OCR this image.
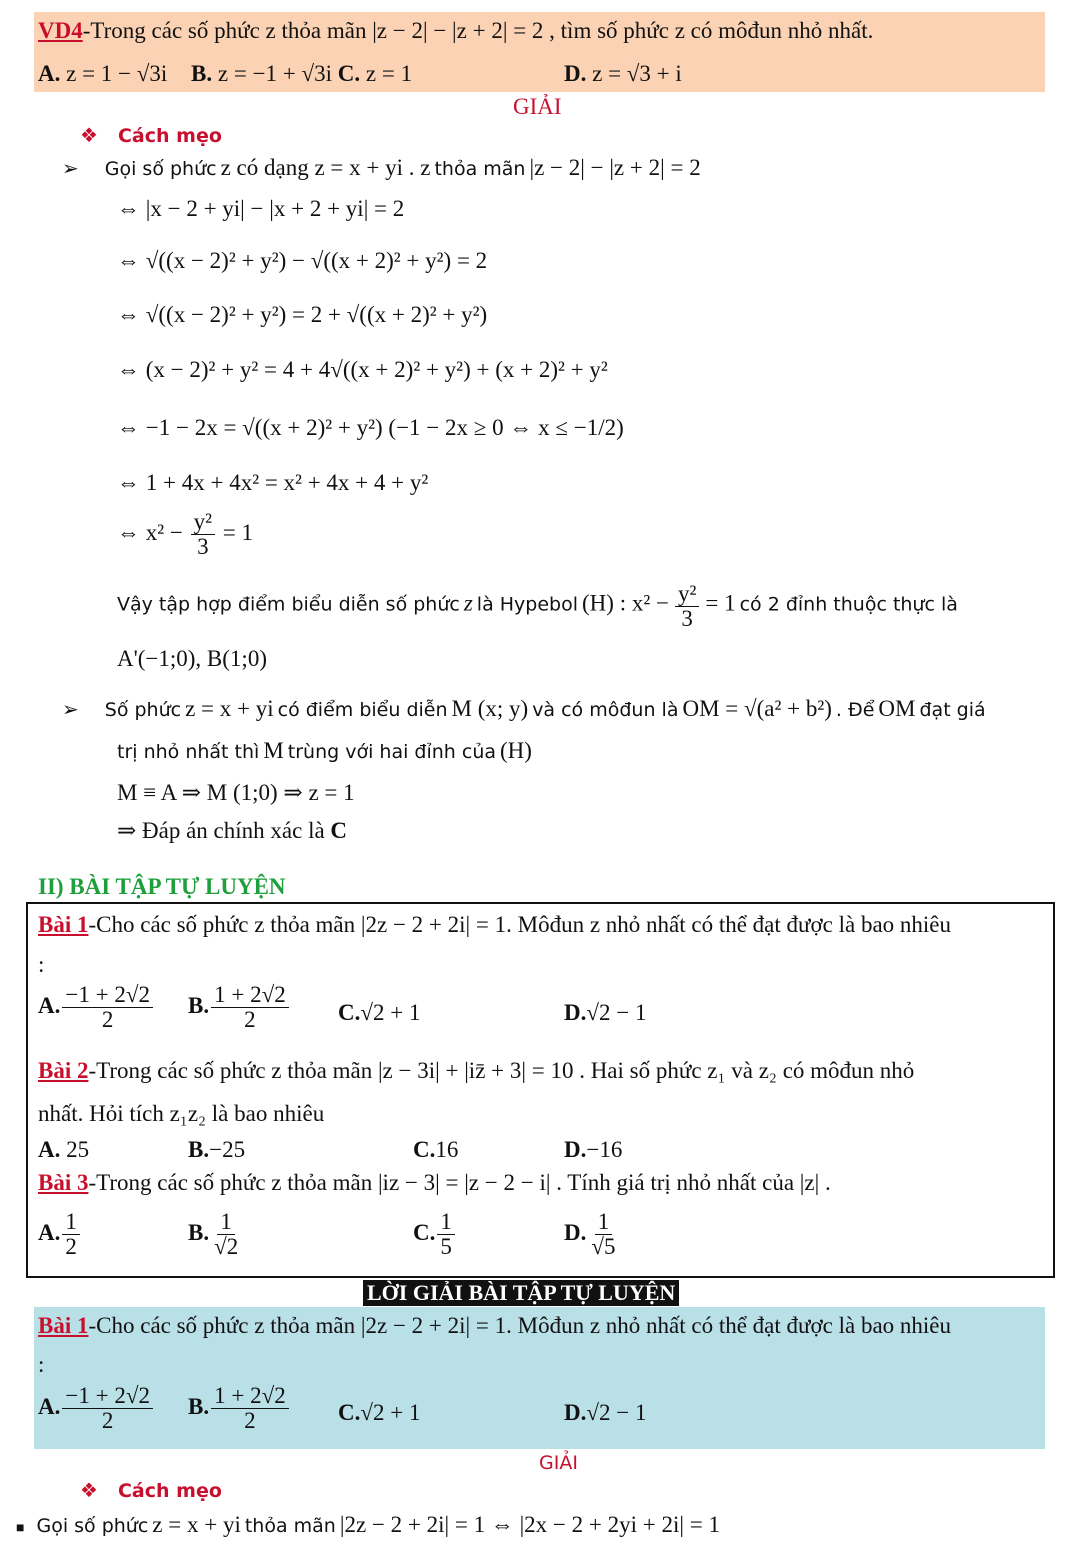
VD4-Trong các số phức z thỏa mãn |z − 2| − |z + 2| = 2 , tìm số phức z có môđun nhỏ nhất.
A. z = 1 − √3i B. z = −1 + √3i C. z = 1	D. z = √3 + i
GIẢI
❖ Cách mẹo
➢ Gọi số phức z có dạng z = x + yi . z thỏa mãn |z − 2| − |z + 2| = 2
⇔ |x − 2 + yi| − |x + 2 + yi| = 2
⇔ √((x − 2)² + y²) − √((x + 2)² + y²) = 2
⇔ √((x − 2)² + y²) = 2 + √((x + 2)² + y²)
⇔ (x − 2)² + y² = 4 + 4√((x + 2)² + y²) + (x + 2)² + y²
⇔ −1 − 2x = √((x + 2)² + y²) (−1 − 2x ≥ 0 ⇔ x ≤ −1/2)
⇔ 1 + 4x + 4x² = x² + 4x + 4 + y²
⇔ $x^2 - \frac{\text{y²}}{3} = 1$
Vậy tập hợp điểm biểu diễn số phức z là Hypebol (H) : $x^2 - \frac{\text{y²}}{3} = 1$ có 2 đỉnh thuộc thực là
A'(−1;0), B(1;0)
➢ Số phức z = x + yi có điểm biểu diễn M (x; y) và có môđun là OM = √(a² + b²) . Để OM đạt giá
trị nhỏ nhất thì M trùng với hai đỉnh của (H)
M ≡ A ⇒ M (1;0) ⇒ z = 1
⇒ Đáp án chính xác là C
II) BÀI TẬP TỰ LUYỆN
Bài 1-Cho các số phức z thỏa mãn |2z − 2 + 2i| = 1. Môđun z nhỏ nhất có thể đạt được là bao nhiêu
:
A. $\frac{-1 + 2√2}{2} B$. $\frac{1 + 2√2}{2} C.√2 + 1$	D.√2 − 1
Bài 2-Trong các số phức z thỏa mãn |z − 3i| + |iz̄ + 3| = 10 . Hai số phức z₁ và z₂ có môđun nhỏ
nhất. Hỏi tích z₁z₂ là bao nhiêu
A. 25	B.−25	C.16	D.−16
Bài 3-Trong các số phức z thỏa mãn |iz − 3| = |z − 2 − i| . Tính giá trị nhỏ nhất của |z| .
A. $\frac{1}{2}$	B. $\frac{1}{√2}$	C. $\frac{1}{5}$	D. $\frac{1}{√5}$
LỜI GIẢI BÀI TẬP TỰ LUYỆN
Bài 1-Cho các số phức z thỏa mãn |2z − 2 + 2i| = 1. Môđun z nhỏ nhất có thể đạt được là bao nhiêu
:
A. $\frac{-1 + 2√2}{2} B$. $\frac{1 + 2√2}{2} C.√2 + 1$	D.√2 − 1
GIẢI
❖ Cách mẹo
■ Gọi số phức z = x + yi thỏa mãn |2z − 2 + 2i| = 1 ⇔ |2x − 2 + 2yi + 2i| = 1
